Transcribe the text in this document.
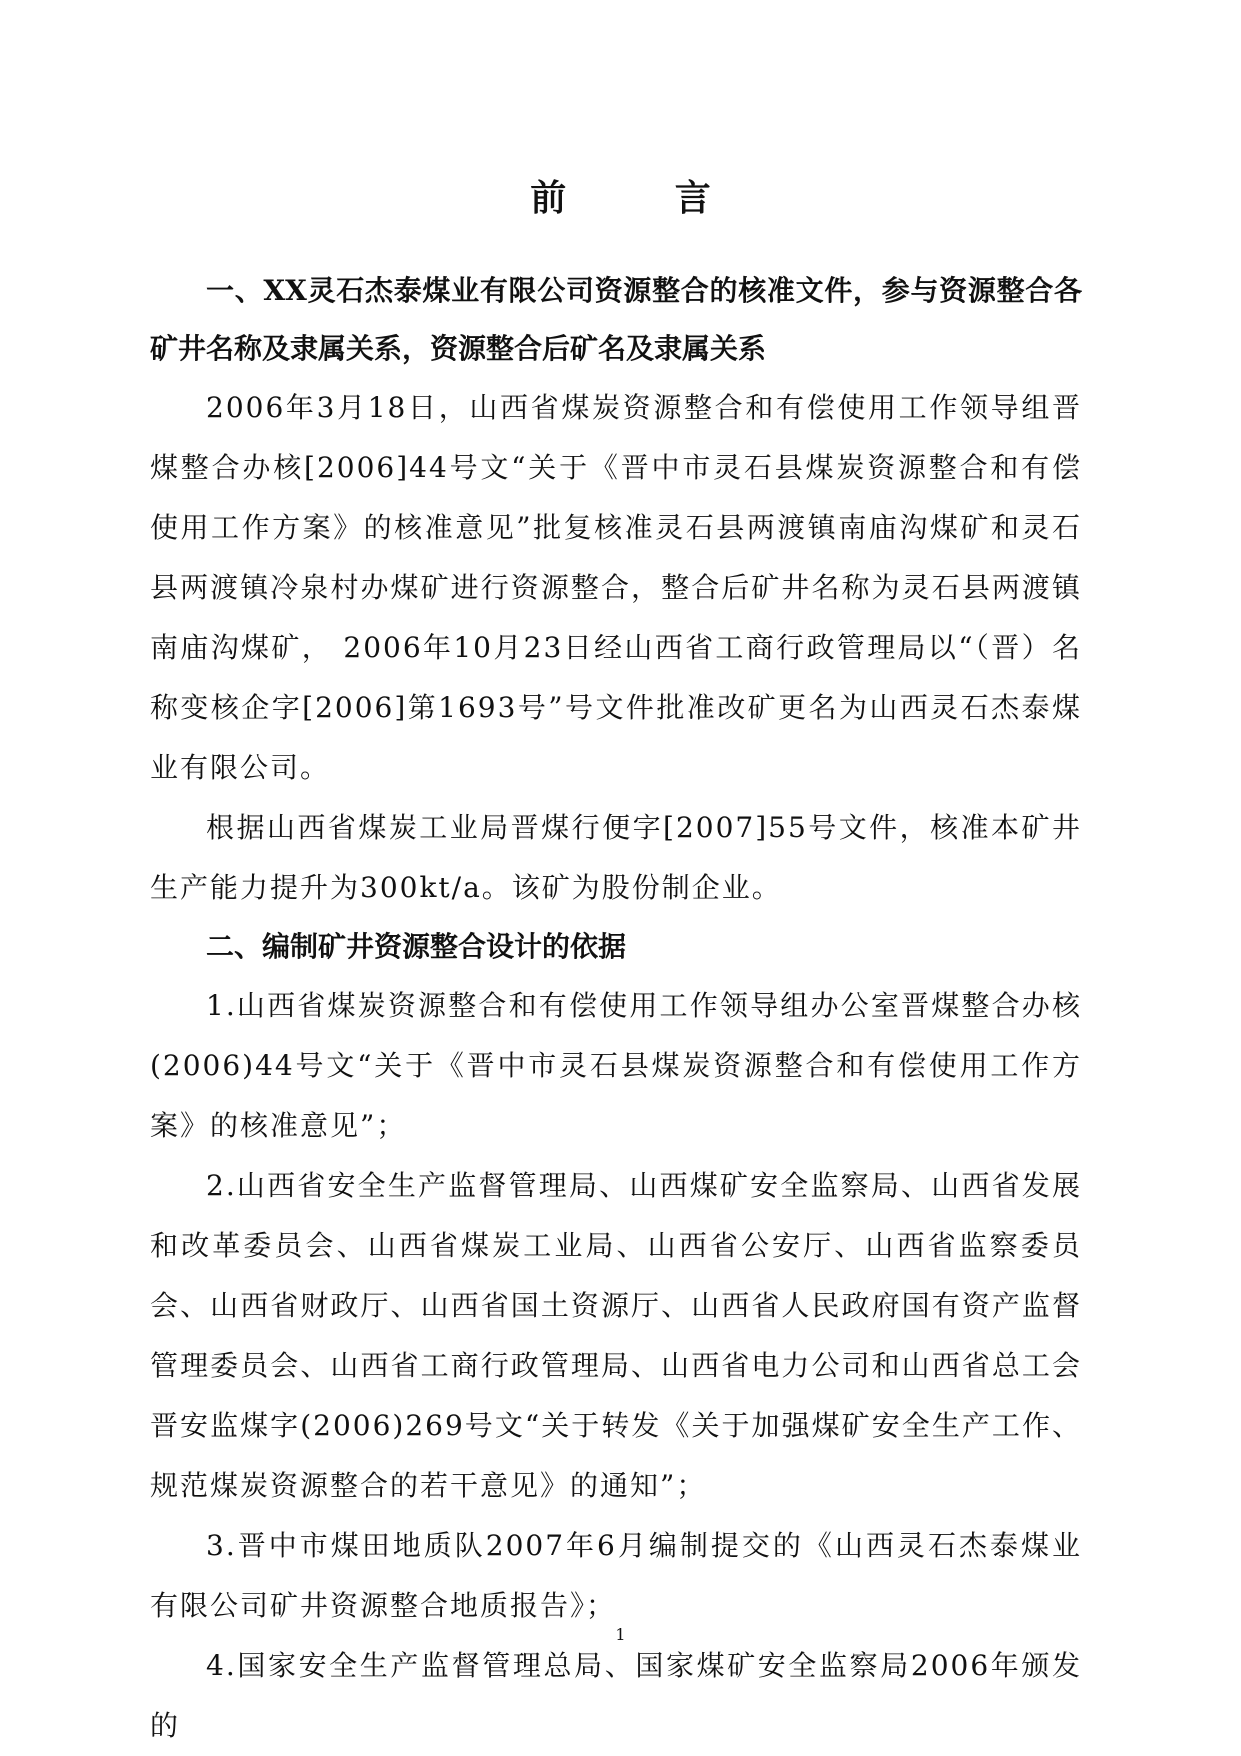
前 言

一、XX灵石杰泰煤业有限公司资源整合的核准文件，参与资源整合各矿井名称及隶属关系，资源整合后矿名及隶属关系

2006年3月18日，山西省煤炭资源整合和有偿使用工作领导组晋煤整合办核[2006]44号文“关于《晋中市灵石县煤炭资源整合和有偿使用工作方案》的核准意见”批复核准灵石县两渡镇南庙沟煤矿和灵石县两渡镇冷泉村办煤矿进行资源整合，整合后矿井名称为灵石县两渡镇南庙沟煤矿， 2006年10月23日经山西省工商行政管理局以“（晋）名称变核企字[2006]第1693号”号文件批准改矿更名为山西灵石杰泰煤业有限公司。

根据山西省煤炭工业局晋煤行便字[2007]55号文件，核准本矿井生产能力提升为300kt/a。该矿为股份制企业。

二、编制矿井资源整合设计的依据

1.山西省煤炭资源整合和有偿使用工作领导组办公室晋煤整合办核(2006)44号文“关于《晋中市灵石县煤炭资源整合和有偿使用工作方案》的核准意见”；

2.山西省安全生产监督管理局、山西煤矿安全监察局、山西省发展和改革委员会、山西省煤炭工业局、山西省公安厅、山西省监察委员会、山西省财政厅、山西省国土资源厅、山西省人民政府国有资产监督管理委员会、山西省工商行政管理局、山西省电力公司和山西省总工会晋安监煤字(2006)269号文“关于转发《关于加强煤矿安全生产工作、规范煤炭资源整合的若干意见》的通知”；

3.晋中市煤田地质队2007年6月编制提交的《山西灵石杰泰煤业有限公司矿井资源整合地质报告》；

4.国家安全生产监督管理总局、国家煤矿安全监察局2006年颁发的

1
